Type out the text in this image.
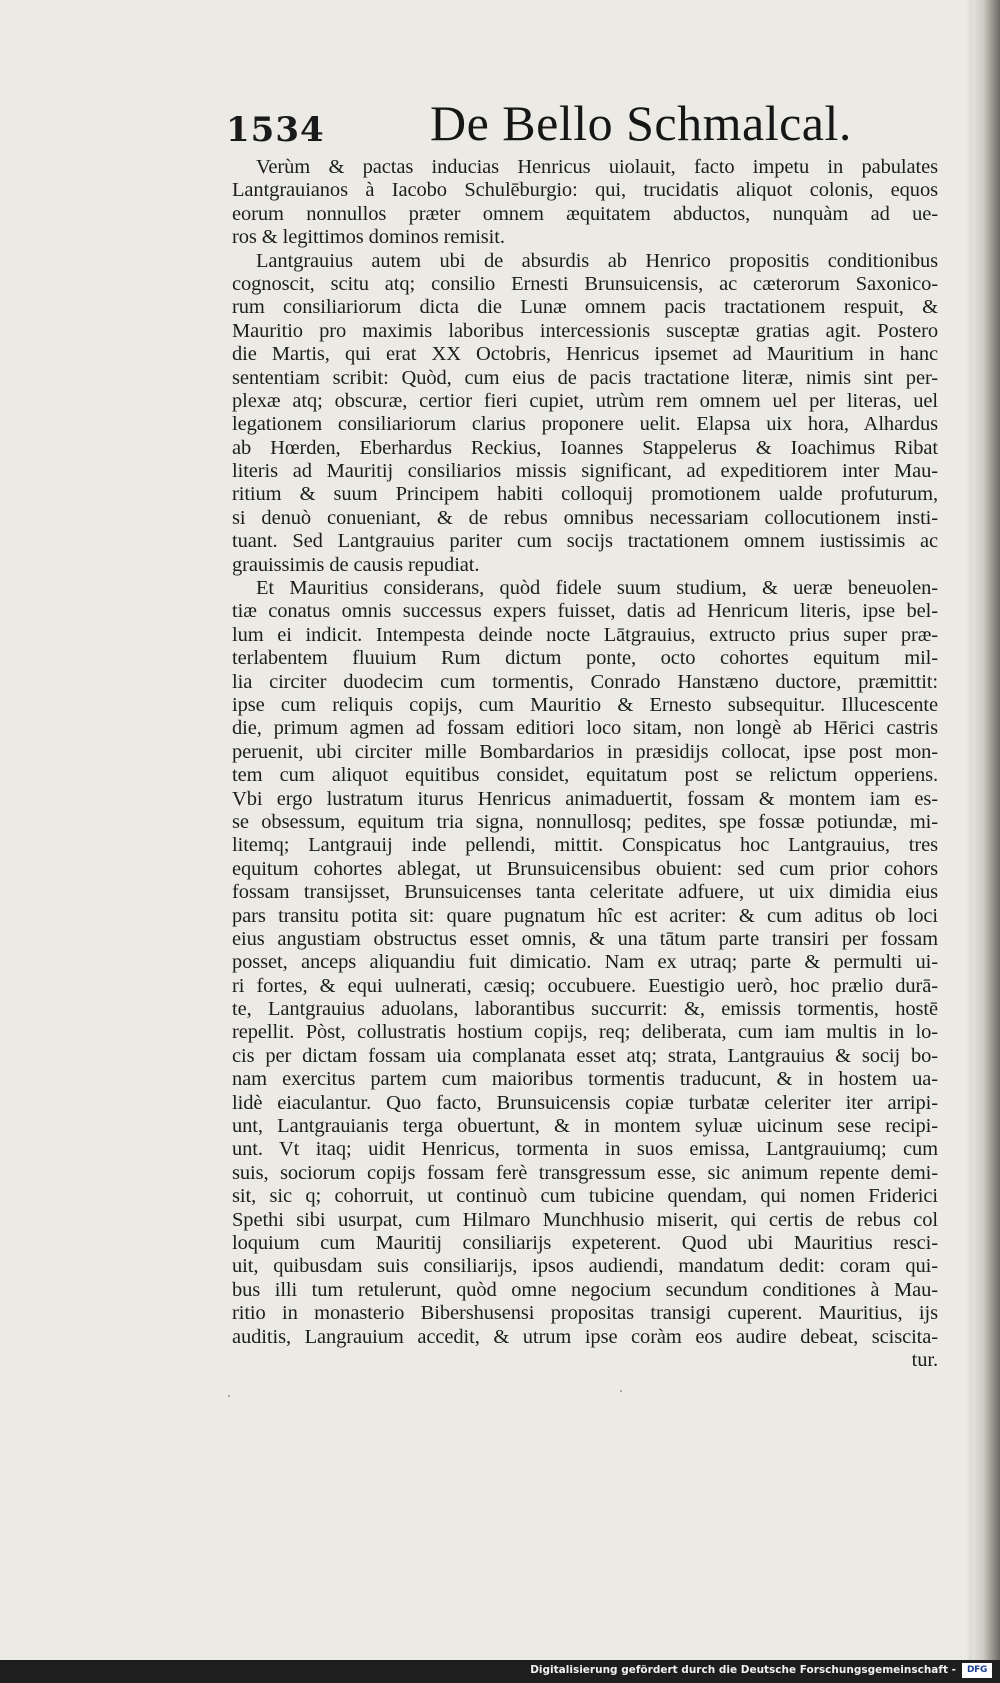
1534 De Bello Schmalcal.
Verùm & pactas inducias Henricus uiolauit, facto impetu in pabulates
Lantgrauianos à Iacobo Schulēburgio: qui, trucidatis aliquot colonis, equos
eorum nonnullos præter omnem æquitatem abductos, nunquàm ad ue-
ros & legittimos dominos remisit.
Lantgrauius autem ubi de absurdis ab Henrico propositis conditionibus
cognoscit, scitu atq; consilio Ernesti Brunsuicensis, ac cæterorum Saxonico-
rum consiliariorum dicta die Lunæ omnem pacis tractationem respuit, &
Mauritio pro maximis laboribus intercessionis susceptæ gratias agit. Postero
die Martis, qui erat XX Octobris, Henricus ipsemet ad Mauritium in hanc
sententiam scribit: Quòd, cum eius de pacis tractatione literæ, nimis sint per-
plexæ atq; obscuræ, certior fieri cupiet, utrùm rem omnem uel per literas, uel
legationem consiliariorum clarius proponere uelit. Elapsa uix hora, Alhardus
ab Hœrden, Eberhardus Reckius, Ioannes Stappelerus & Ioachimus Ribat
literis ad Mauritij consiliarios missis significant, ad expeditiorem inter Mau-
ritium & suum Principem habiti colloquij promotionem ualde profuturum,
si denuò conueniant, & de rebus omnibus necessariam collocutionem insti-
tuant. Sed Lantgrauius pariter cum socijs tractationem omnem iustissimis ac
grauissimis de causis repudiat.
Et Mauritius considerans, quòd fidele suum studium, & ueræ beneuolen-
tiæ conatus omnis successus expers fuisset, datis ad Henricum literis, ipse bel-
lum ei indicit. Intempesta deinde nocte Lātgrauius, extructo prius super præ-
terlabentem fluuium Rum dictum ponte, octo cohortes equitum mil-
lia circiter duodecim cum tormentis, Conrado Hanstæno ductore, præmittit:
ipse cum reliquis copijs, cum Mauritio & Ernesto subsequitur. Illucescente
die, primum agmen ad fossam editiori loco sitam, non longè ab Hērici castris
peruenit, ubi circiter mille Bombardarios in præsidijs collocat, ipse post mon-
tem cum aliquot equitibus considet, equitatum post se relictum opperiens.
Vbi ergo lustratum iturus Henricus animaduertit, fossam & montem iam es-
se obsessum, equitum tria signa, nonnullosq; pedites, spe fossæ potiundæ, mi-
litemq; Lantgrauij inde pellendi, mittit. Conspicatus hoc Lantgrauius, tres
equitum cohortes ablegat, ut Brunsuicensibus obuient: sed cum prior cohors
fossam transijsset, Brunsuicenses tanta celeritate adfuere, ut uix dimidia eius
pars transitu potita sit: quare pugnatum hîc est acriter: & cum aditus ob loci
eius angustiam obstructus esset omnis, & una tātum parte transiri per fossam
posset, anceps aliquandiu fuit dimicatio. Nam ex utraq; parte & permulti ui-
ri fortes, & equi uulnerati, cæsiq; occubuere. Euestigio uerò, hoc prælio durā-
te, Lantgrauius aduolans, laborantibus succurrit: &, emissis tormentis, hostē
repellit. Pòst, collustratis hostium copijs, req; deliberata, cum iam multis in lo-
cis per dictam fossam uia complanata esset atq; strata, Lantgrauius & socij bo-
nam exercitus partem cum maioribus tormentis traducunt, & in hostem ua-
lidè eiaculantur. Quo facto, Brunsuicensis copiæ turbatæ celeriter iter arripi-
unt, Lantgrauianis terga obuertunt, & in montem syluæ uicinum sese recipi-
unt. Vt itaq; uidit Henricus, tormenta in suos emissa, Lantgrauiumq; cum
suis, sociorum copijs fossam ferè transgressum esse, sic animum repente demi-
sit, sic q; cohorruit, ut continuò cum tubicine quendam, qui nomen Friderici
Spethi sibi usurpat, cum Hilmaro Munchhusio miserit, qui certis de rebus col
loquium cum Mauritij consiliarijs expeterent. Quod ubi Mauritius resci-
uit, quibusdam suis consiliarijs, ipsos audiendi, mandatum dedit: coram qui-
bus illi tum retulerunt, quòd omne negocium secundum conditiones à Mau-
ritio in monasterio Bibershusensi propositas transigi cuperent. Mauritius, ijs
auditis, Langrauium accedit, & utrum ipse coràm eos audire debeat, sciscita-
tur.
Digitalisierung gefördert durch die Deutsche Forschungsgemeinschaft -	DFG
